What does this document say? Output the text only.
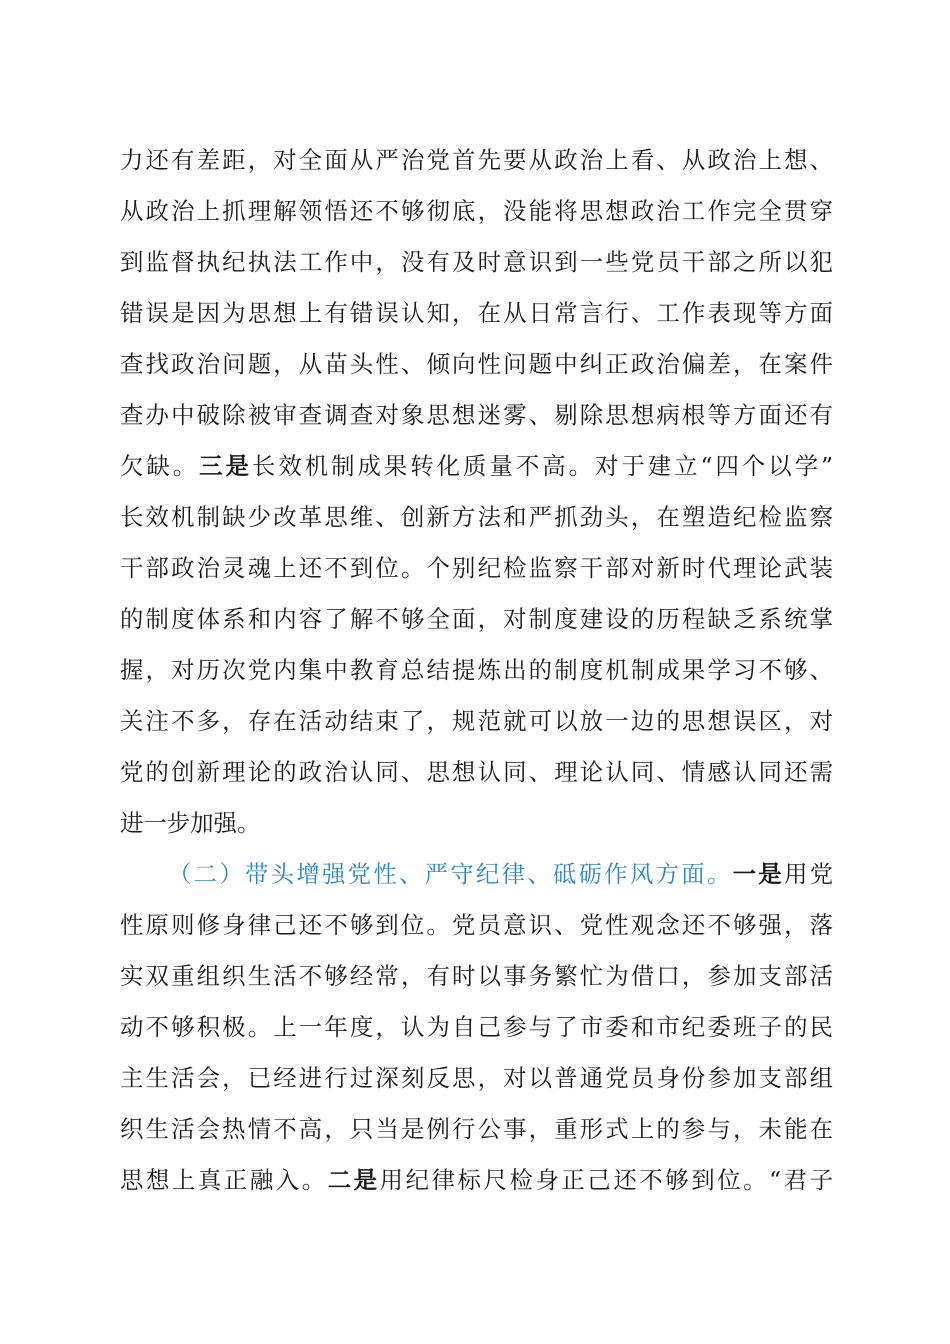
力还有差距，对全面从严治党首先要从政治上看、从政治上想、
从政治上抓理解领悟还不够彻底，没能将思想政治工作完全贯穿
到监督执纪执法工作中，没有及时意识到一些党员干部之所以犯
错误是因为思想上有错误认知，在从日常言行、工作表现等方面
查找政治问题，从苗头性、倾向性问题中纠正政治偏差，在案件
查办中破除被审查调查对象思想迷雾、剔除思想病根等方面还有
欠缺。三是长效机制成果转化质量不高。对于建立“四个以学”
长效机制缺少改革思维、创新方法和严抓劲头，在塑造纪检监察
干部政治灵魂上还不到位。个别纪检监察干部对新时代理论武装
的制度体系和内容了解不够全面，对制度建设的历程缺乏系统掌
握，对历次党内集中教育总结提炼出的制度机制成果学习不够、
关注不多，存在活动结束了，规范就可以放一边的思想误区，对
党的创新理论的政治认同、思想认同、理论认同、情感认同还需
进一步加强。
（二）带头增强党性、严守纪律、砥砺作风方面。一是用党
性原则修身律己还不够到位。党员意识、党性观念还不够强，落
实双重组织生活不够经常，有时以事务繁忙为借口，参加支部活
动不够积极。上一年度，认为自己参与了市委和市纪委班子的民
主生活会，已经进行过深刻反思，对以普通党员身份参加支部组
织生活会热情不高，只当是例行公事，重形式上的参与，未能在
思想上真正融入。二是用纪律标尺检身正己还不够到位。“君子
